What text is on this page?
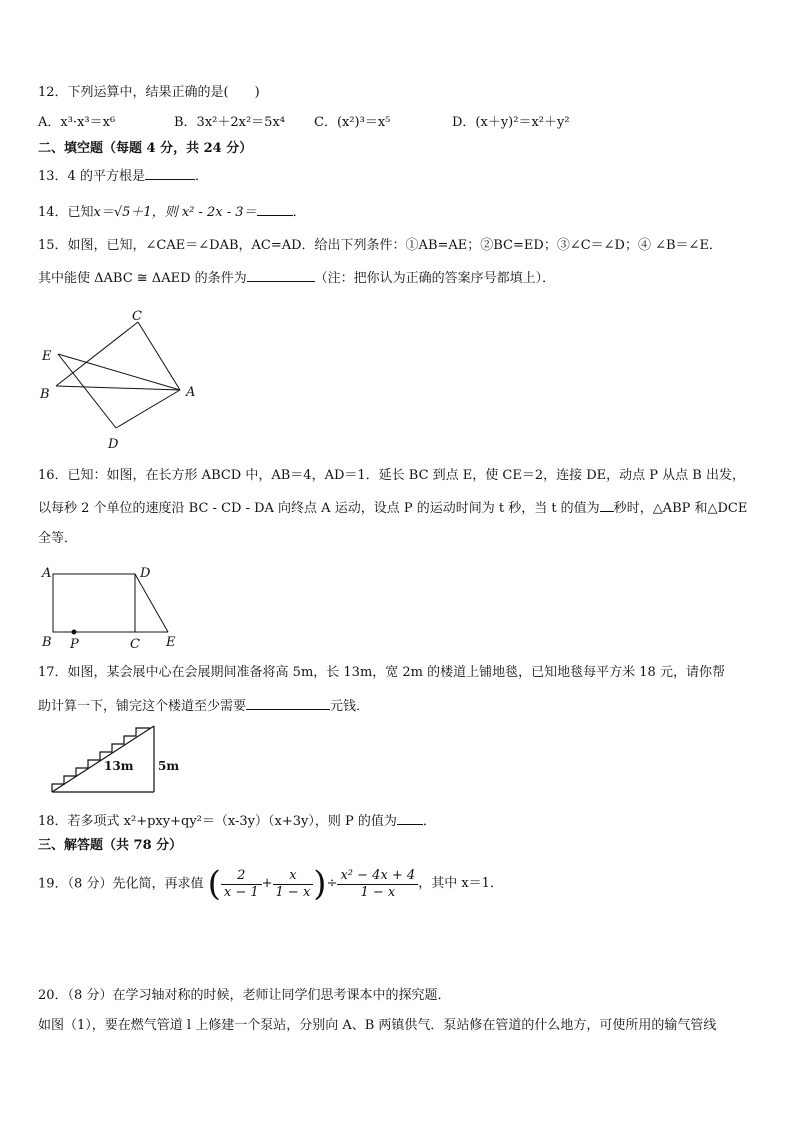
12．下列运算中，结果正确的是(　　)
A．x³·x³＝x⁶	B．3x²＋2x²＝5x⁴ C．(x²)³＝x⁵	D．(x＋y)²＝x²＋y²
二、填空题（每题 4 分，共 24 分）
13．4 的平方根是	．
14．已知x＝√5＋1，则 x² - 2x - 3＝	．
15．如图，已知，∠CAE＝∠DAB，AC=AD．给出下列条件：①AB=AE；②BC=ED；③∠C＝∠D；④ ∠B＝∠E．
其中能使 ΔABC ≅ ΔAED 的条件为	（注：把你认为正确的答案序号都填上）．
C
E
B	A
D
16．已知：如图，在长方形 ABCD 中，AB＝4，AD＝1．延长 BC 到点 E，使 CE＝2，连接 DE，动点 P 从点 B 出发，
以每秒 2 个单位的速度沿 BC - CD - DA 向终点 A 运动，设点 P 的运动时间为 t 秒，当 t 的值为 秒时，△ABP 和△DCE
全等．
A	D
B P	C E
17．如图，某会展中心在会展期间准备将高 5m，长 13m，宽 2m 的楼道上铺地毯，已知地毯每平方米 18 元，请你帮
助计算一下，铺完这个楼道至少需要	元钱．
13m 5m
18．若多项式 x²+pxy+qy²＝（x-3y）（x+3y），则 P 的值为 ．
三、解答题（共 78 分）
19．（8 分）先化简，再求值 ( $\frac{2}{x - 1} + \frac{x}{1 - x}$ )÷ $\frac{\text{x² − 4x + 4}}{1 - x}$ ，其中 x＝1．
20．（8 分）在学习轴对称的时候，老师让同学们思考课本中的探究题．
如图（1），要在燃气管道 l 上修建一个泵站，分别向 A、B 两镇供气．泵站修在管道的什么地方，可使所用的输气管线
